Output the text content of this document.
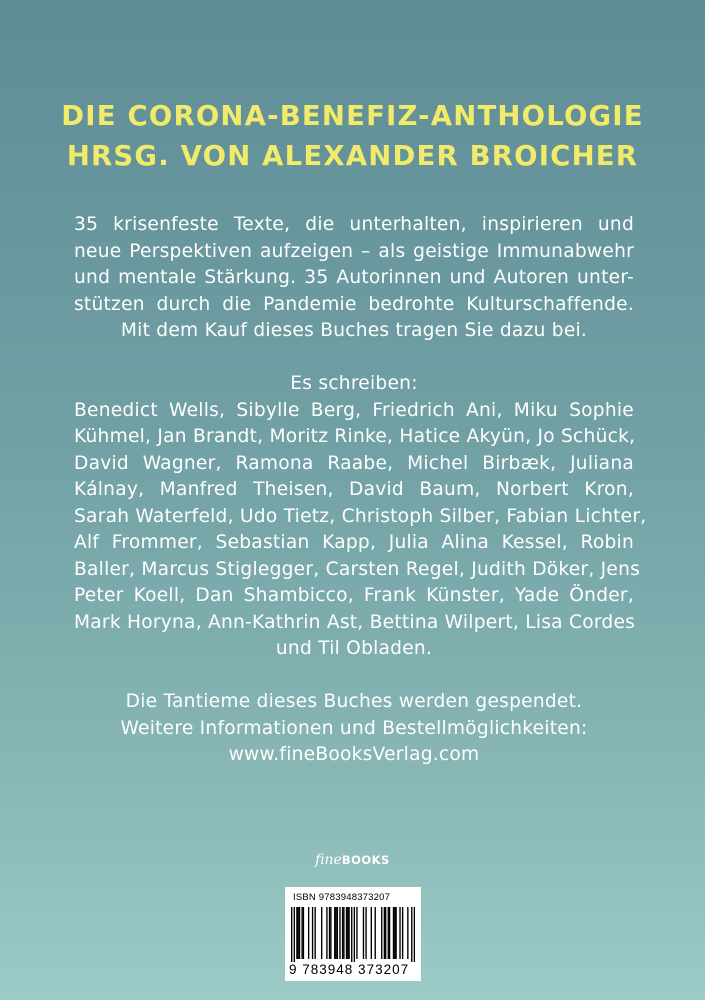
DIE CORONA-BENEFIZ-ANTHOLOGIE
HRSG. VON ALEXANDER BROICHER
35 krisenfeste Texte, die unterhalten, inspirieren und
neue Perspektiven aufzeigen – als geistige Immunabwehr
und mentale Stärkung. 35 Autorinnen und Autoren unter-
stützen durch die Pandemie bedrohte Kulturschaffende.
Mit dem Kauf dieses Buches tragen Sie dazu bei.
Es schreiben:
Benedict Wells, Sibylle Berg, Friedrich Ani, Miku Sophie
Kühmel, Jan Brandt, Moritz Rinke, Hatice Akyün, Jo Schück,
David Wagner, Ramona Raabe, Michel Birbæk, Juliana
Kálnay, Manfred Theisen, David Baum, Norbert Kron,
Sarah Waterfeld, Udo Tietz, Christoph Silber, Fabian Lichter,
Alf Frommer, Sebastian Kapp, Julia Alina Kessel, Robin
Baller, Marcus Stiglegger, Carsten Regel, Judith Döker, Jens
Peter Koell, Dan Shambicco, Frank Künster, Yade Önder,
Mark Horyna, Ann-Kathrin Ast, Bettina Wilpert, Lisa Cordes
und Til Obladen.
Die Tantieme dieses Buches werden gespendet.
Weitere Informationen und Bestellmöglichkeiten:
www.fineBooksVerlag.com
fineBOOKS
ISBN 9783948373207
9 783948 373207
